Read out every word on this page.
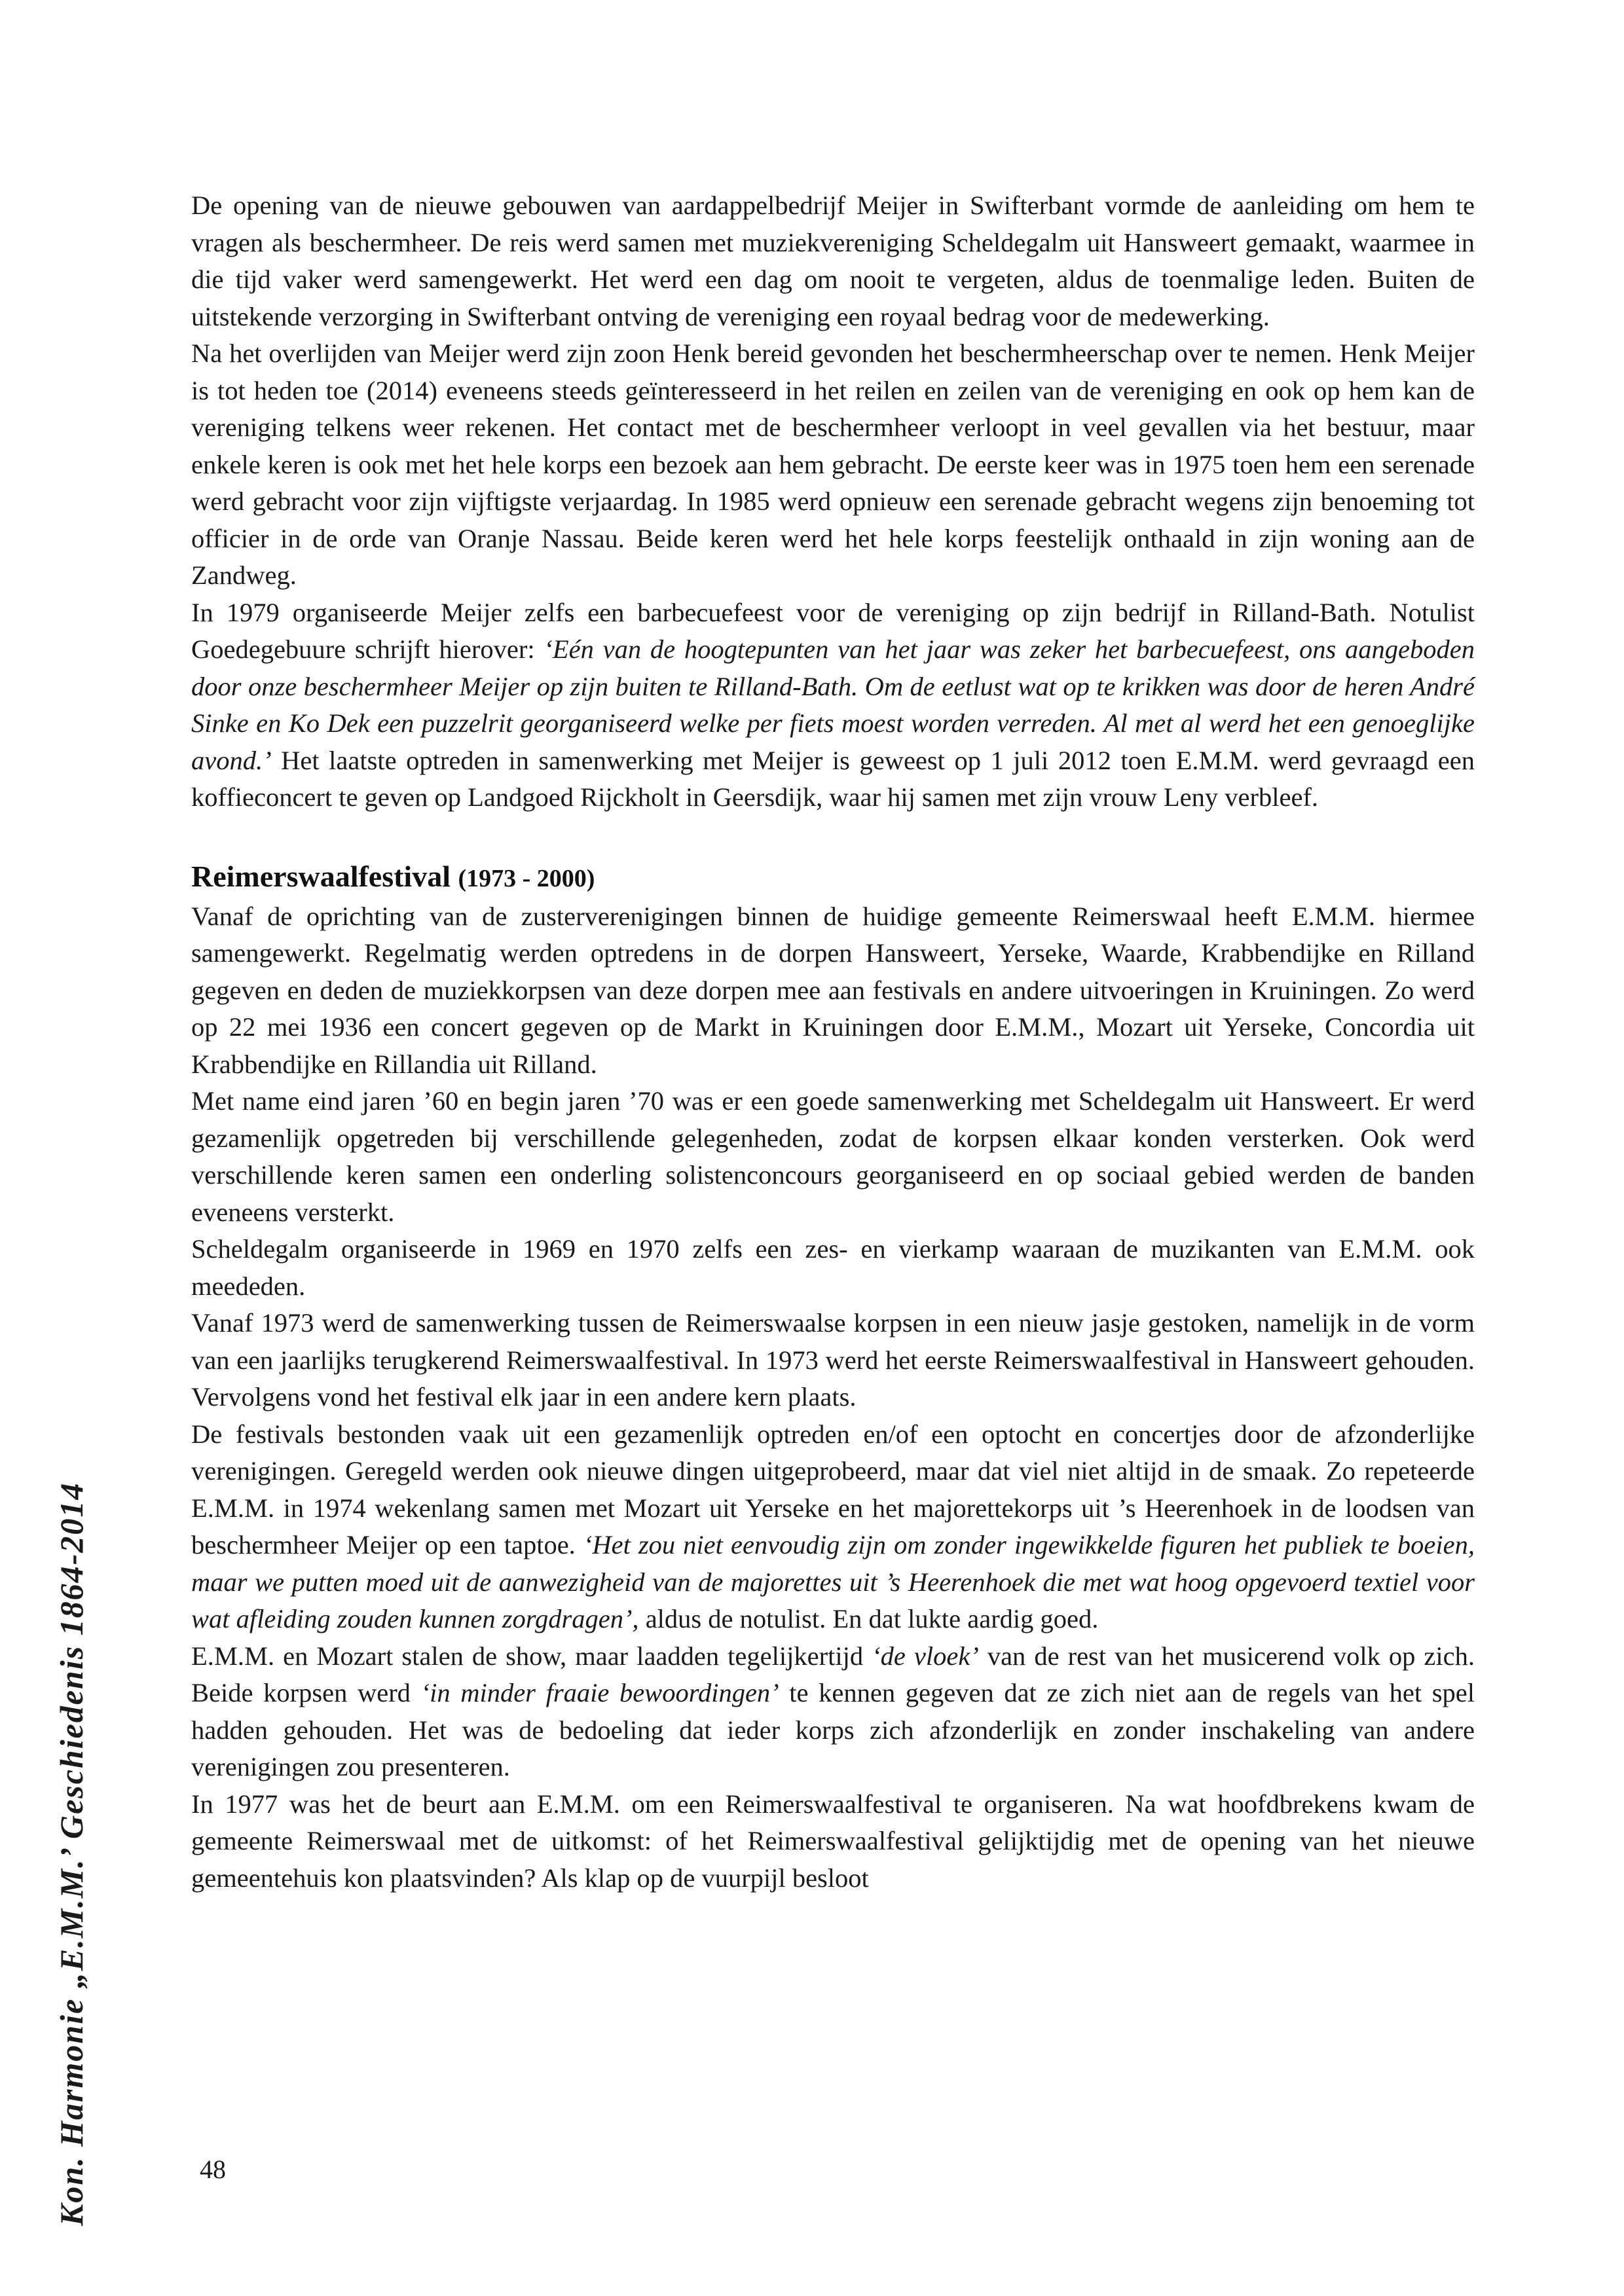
De opening van de nieuwe gebouwen van aardappelbedrijf Meijer in Swifterbant vormde de aanleiding om hem te vragen als beschermheer. De reis werd samen met muziekvereniging Scheldegalm uit Hansweert gemaakt, waarmee in die tijd vaker werd samengewerkt. Het werd een dag om nooit te vergeten, aldus de toenmalige leden. Buiten de uitstekende verzorging in Swifterbant ontving de vereniging een royaal bedrag voor de medewerking.

Na het overlijden van Meijer werd zijn zoon Henk bereid gevonden het beschermheerschap over te nemen. Henk Meijer is tot heden toe (2014) eveneens steeds geïnteresseerd in het reilen en zeilen van de vereniging en ook op hem kan de vereniging telkens weer rekenen. Het contact met de beschermheer verloopt in veel gevallen via het bestuur, maar enkele keren is ook met het hele korps een bezoek aan hem gebracht. De eerste keer was in 1975 toen hem een serenade werd gebracht voor zijn vijftigste verjaardag. In 1985 werd opnieuw een serenade gebracht wegens zijn benoeming tot officier in de orde van Oranje Nassau. Beide keren werd het hele korps feestelijk onthaald in zijn woning aan de Zandweg.

In 1979 organiseerde Meijer zelfs een barbecuefeest voor de vereniging op zijn bedrijf in Rilland-Bath. Notulist Goedegebuure schrijft hierover: ‘Eén van de hoogtepunten van het jaar was zeker het barbecuefeest, ons aangeboden door onze beschermheer Meijer op zijn buiten te Rilland-Bath. Om de eetlust wat op te krikken was door de heren André Sinke en Ko Dek een puzzelrit georganiseerd welke per fiets moest worden verreden. Al met al werd het een genoeglijke avond.’ Het laatste optreden in samenwerking met Meijer is geweest op 1 juli 2012 toen E.M.M. werd gevraagd een koffieconcert te geven op Landgoed Rijckholt in Geersdijk, waar hij samen met zijn vrouw Leny verbleef.

Reimerswaalfestival (1973 - 2000)

Vanaf de oprichting van de zusterverenigingen binnen de huidige gemeente Reimerswaal heeft E.M.M. hiermee samengewerkt. Regelmatig werden optredens in de dorpen Hansweert, Yerseke, Waarde, Krabbendijke en Rilland gegeven en deden de muziekkorpsen van deze dorpen mee aan festivals en andere uitvoeringen in Kruiningen. Zo werd op 22 mei 1936 een concert gegeven op de Markt in Kruiningen door E.M.M., Mozart uit Yerseke, Concordia uit Krabbendijke en Rillandia uit Rilland.

Met name eind jaren ’60 en begin jaren ’70 was er een goede samenwerking met Scheldegalm uit Hansweert. Er werd gezamenlijk opgetreden bij verschillende gelegenheden, zodat de korpsen elkaar konden versterken. Ook werd verschillende keren samen een onderling solistenconcours georganiseerd en op sociaal gebied werden de banden eveneens versterkt.

Scheldegalm organiseerde in 1969 en 1970 zelfs een zes- en vierkamp waaraan de muzikanten van E.M.M. ook meededen.

Vanaf 1973 werd de samenwerking tussen de Reimerswaalse korpsen in een nieuw jasje gestoken, namelijk in de vorm van een jaarlijks terugkerend Reimerswaalfestival. In 1973 werd het eerste Reimerswaalfestival in Hansweert gehouden. Vervolgens vond het festival elk jaar in een andere kern plaats.

De festivals bestonden vaak uit een gezamenlijk optreden en/of een optocht en concertjes door de afzonderlijke verenigingen. Geregeld werden ook nieuwe dingen uitgeprobeerd, maar dat viel niet altijd in de smaak. Zo repeteerde E.M.M. in 1974 wekenlang samen met Mozart uit Yerseke en het majorettekorps uit ’s Heerenhoek in de loodsen van beschermheer Meijer op een taptoe. ‘Het zou niet eenvoudig zijn om zonder ingewikkelde figuren het publiek te boeien, maar we putten moed uit de aanwezigheid van de majorettes uit ’s Heerenhoek die met wat hoog opgevoerd textiel voor wat afleiding zouden kunnen zorgdragen’, aldus de notulist. En dat lukte aardig goed.

E.M.M. en Mozart stalen de show, maar laadden tegelijkertijd ‘de vloek’ van de rest van het musicerend volk op zich. Beide korpsen werd ‘in minder fraaie bewoordingen’ te kennen gegeven dat ze zich niet aan de regels van het spel hadden gehouden. Het was de bedoeling dat ieder korps zich afzonderlijk en zonder inschakeling van andere verenigingen zou presenteren.

In 1977 was het de beurt aan E.M.M. om een Reimerswaalfestival te organiseren. Na wat hoofdbrekens kwam de gemeente Reimerswaal met de uitkomst: of het Reimerswaalfestival gelijktijdig met de opening van het nieuwe gemeentehuis kon plaatsvinden? Als klap op de vuurpijl besloot

Kon. Harmonie „E.M.M.’ Geschiedenis 1864-2014	48
